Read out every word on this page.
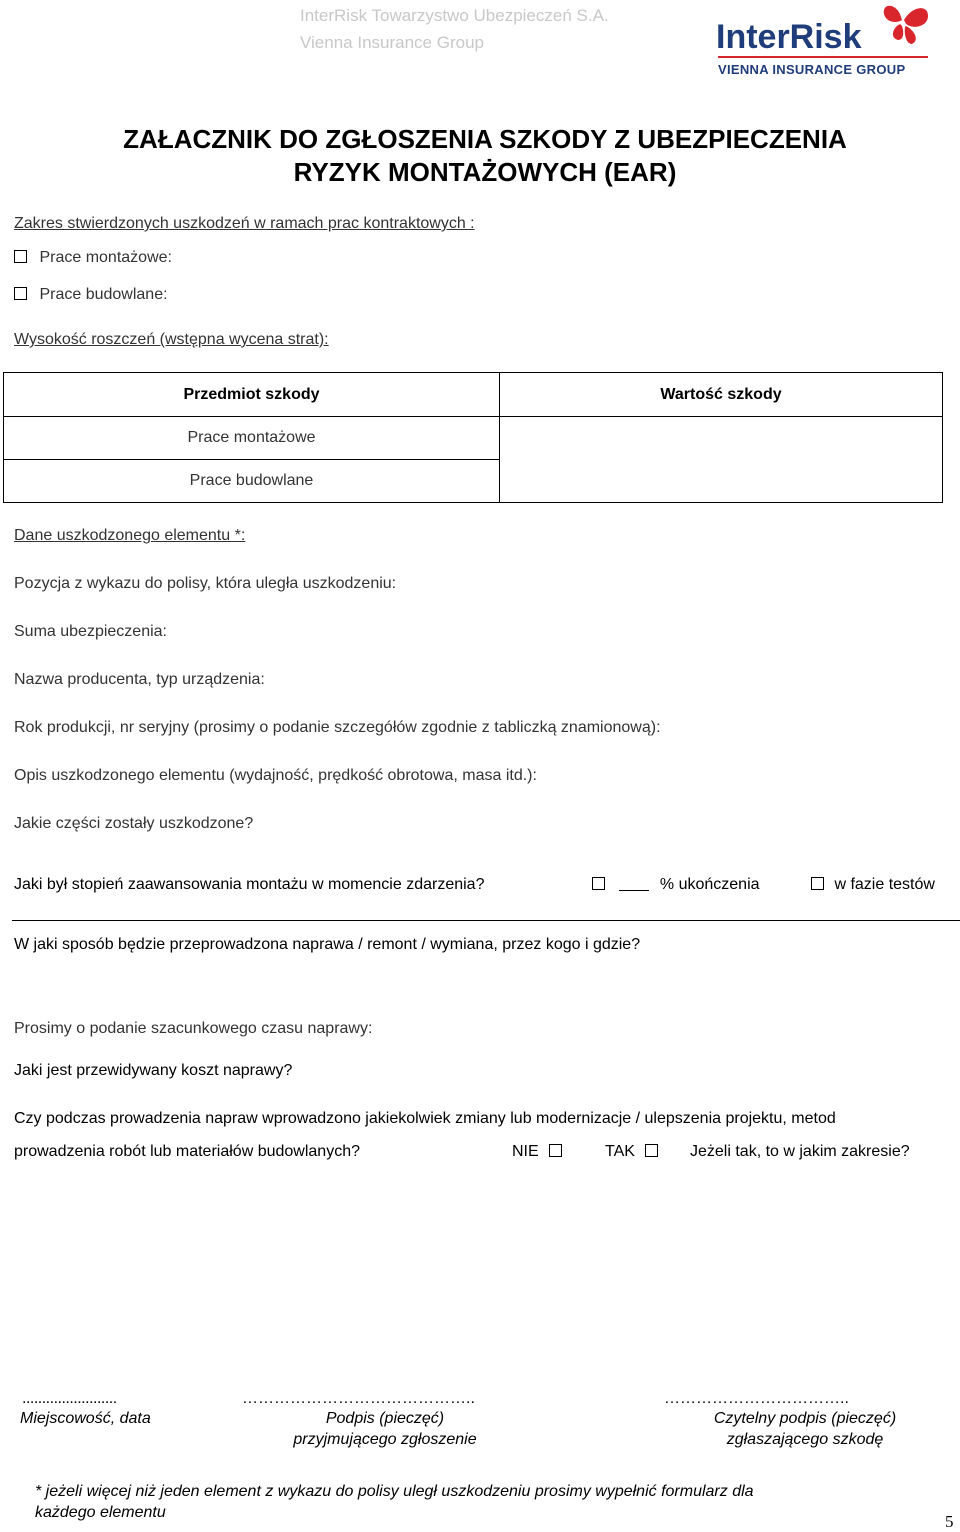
InterRisk Towarzystwo Ubezpieczeń S.A.
Vienna Insurance Group	InterRisk
VIENNA INSURANCE GROUP
ZAŁACZNIK DO ZGŁOSZENIA SZKODY Z UBEZPIECZENIA
RYZYK MONTAŻOWYCH (EAR)
Zakres stwierdzonych uszkodzeń w ramach prac kontraktowych :
Prace montażowe:
Prace budowlane:
Wysokość roszczeń (wstępna wycena strat):
Przedmiot szkody	Wartość szkody
Prace montażowe	
Prace budowlane	
Dane uszkodzonego elementu *:
Pozycja z wykazu do polisy, która uległa uszkodzeniu:
Suma ubezpieczenia:
Nazwa producenta, typ urządzenia:
Rok produkcji, nr seryjny (prosimy o podanie szczegółów zgodnie z tabliczką znamionową):
Opis uszkodzonego elementu (wydajność, prędkość obrotowa, masa itd.):
Jakie części zostały uszkodzone?
Jaki był stopień zaawansowania montażu w momencie zdarzenia?	% ukończenia	w fazie testów
W jaki sposób będzie przeprowadzona naprawa / remont / wymiana, przez kogo i gdzie?
Prosimy o podanie szacunkowego czasu naprawy:
Jaki jest przewidywany koszt naprawy?
Czy podczas prowadzenia napraw wprowadzono jakiekolwiek zmiany lub modernizacje / ulepszenia projektu, metod
prowadzenia robót lub materiałów budowlanych?	NIE	TAK	Jeżeli tak, to w jakim zakresie?
........................
Miejscowość, data
……………………………………..
Podpis (pieczęć)
przyjmującego zgłoszenie
……………………………..
Czytelny podpis (pieczęć)
zgłaszającego szkodę
* jeżeli więcej niż jeden element z wykazu do polisy uległ uszkodzeniu prosimy wypełnić formularz dla
każdego elementu	5
